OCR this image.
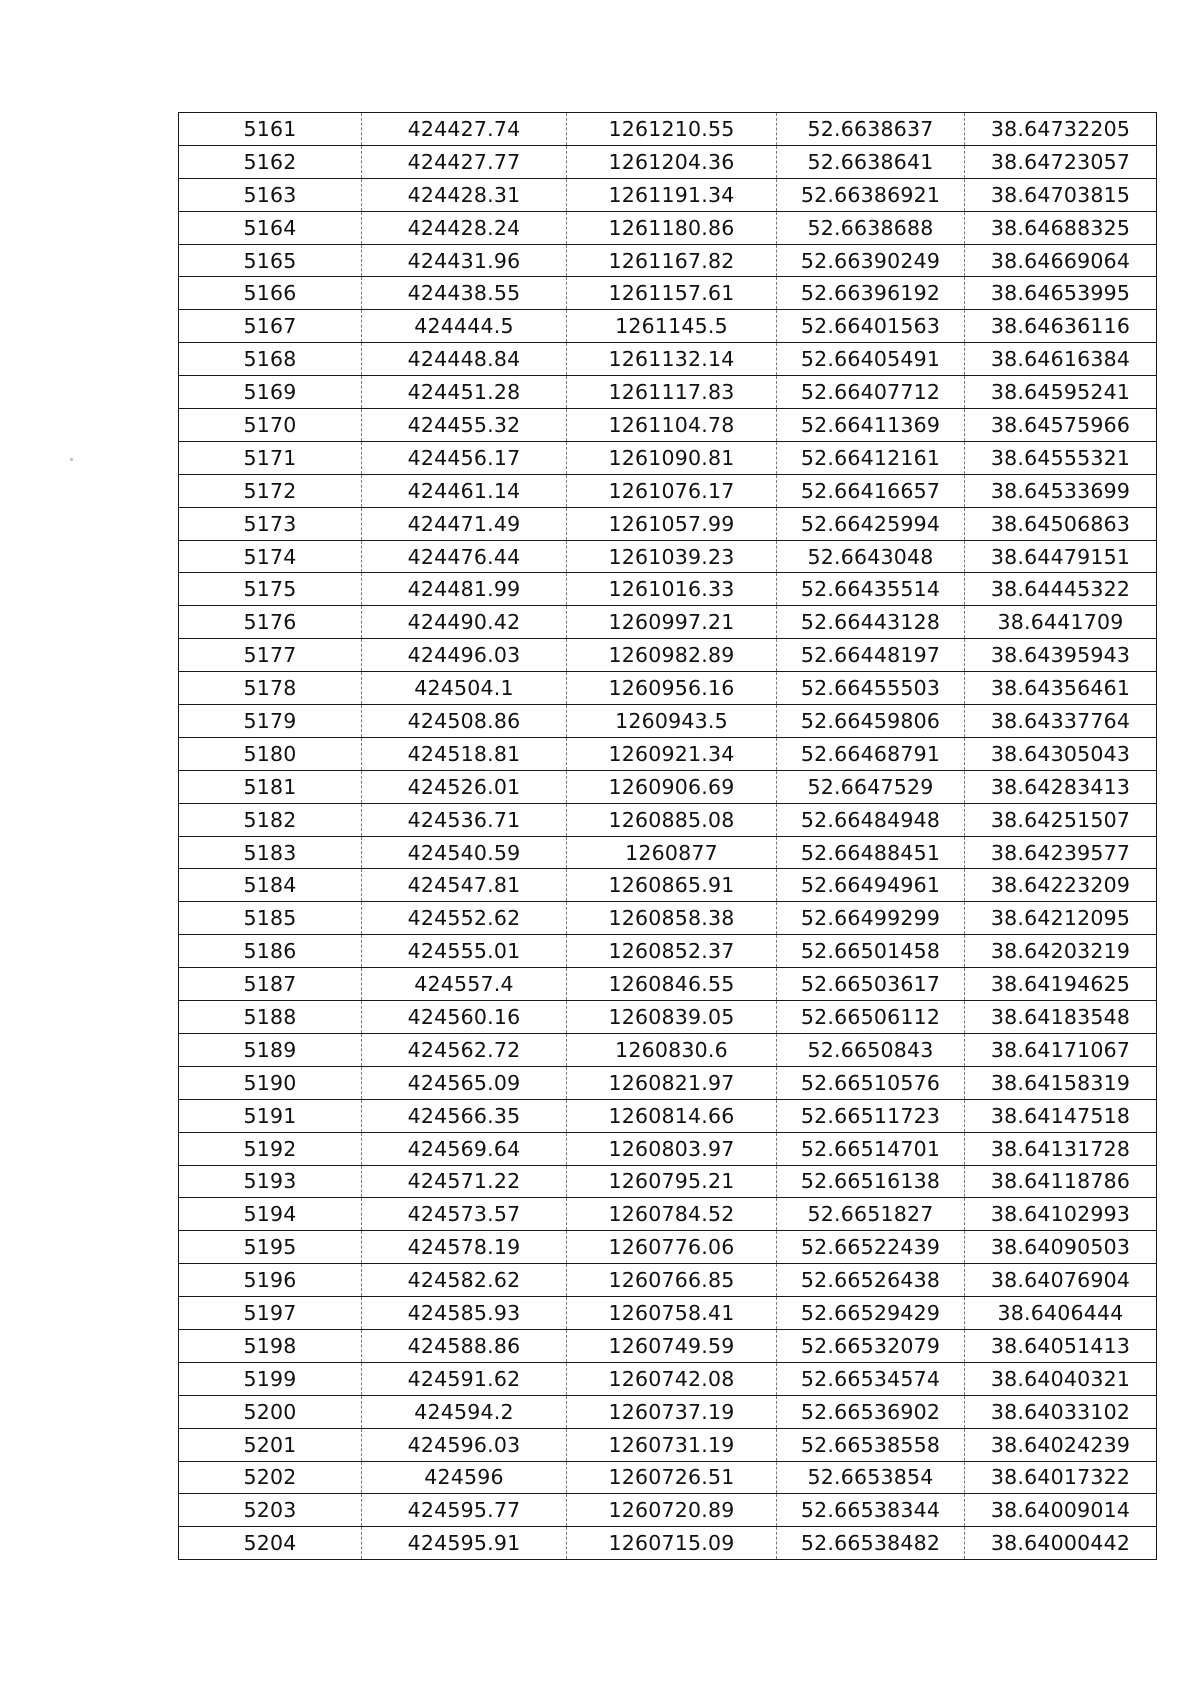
5161	424427.74	1261210.55	52.6638637	38.64732205
5162	424427.77	1261204.36	52.6638641	38.64723057
5163	424428.31	1261191.34	52.66386921	38.64703815
5164	424428.24	1261180.86	52.6638688	38.64688325
5165	424431.96	1261167.82	52.66390249	38.64669064
5166	424438.55	1261157.61	52.66396192	38.64653995
5167	424444.5	1261145.5	52.66401563	38.64636116
5168	424448.84	1261132.14	52.66405491	38.64616384
5169	424451.28	1261117.83	52.66407712	38.64595241
5170	424455.32	1261104.78	52.66411369	38.64575966
5171	424456.17	1261090.81	52.66412161	38.64555321
5172	424461.14	1261076.17	52.66416657	38.64533699
5173	424471.49	1261057.99	52.66425994	38.64506863
5174	424476.44	1261039.23	52.6643048	38.64479151
5175	424481.99	1261016.33	52.66435514	38.64445322
5176	424490.42	1260997.21	52.66443128	38.6441709
5177	424496.03	1260982.89	52.66448197	38.64395943
5178	424504.1	1260956.16	52.66455503	38.64356461
5179	424508.86	1260943.5	52.66459806	38.64337764
5180	424518.81	1260921.34	52.66468791	38.64305043
5181	424526.01	1260906.69	52.6647529	38.64283413
5182	424536.71	1260885.08	52.66484948	38.64251507
5183	424540.59	1260877	52.66488451	38.64239577
5184	424547.81	1260865.91	52.66494961	38.64223209
5185	424552.62	1260858.38	52.66499299	38.64212095
5186	424555.01	1260852.37	52.66501458	38.64203219
5187	424557.4	1260846.55	52.66503617	38.64194625
5188	424560.16	1260839.05	52.66506112	38.64183548
5189	424562.72	1260830.6	52.6650843	38.64171067
5190	424565.09	1260821.97	52.66510576	38.64158319
5191	424566.35	1260814.66	52.66511723	38.64147518
5192	424569.64	1260803.97	52.66514701	38.64131728
5193	424571.22	1260795.21	52.66516138	38.64118786
5194	424573.57	1260784.52	52.6651827	38.64102993
5195	424578.19	1260776.06	52.66522439	38.64090503
5196	424582.62	1260766.85	52.66526438	38.64076904
5197	424585.93	1260758.41	52.66529429	38.6406444
5198	424588.86	1260749.59	52.66532079	38.64051413
5199	424591.62	1260742.08	52.66534574	38.64040321
5200	424594.2	1260737.19	52.66536902	38.64033102
5201	424596.03	1260731.19	52.66538558	38.64024239
5202	424596	1260726.51	52.6653854	38.64017322
5203	424595.77	1260720.89	52.66538344	38.64009014
5204	424595.91	1260715.09	52.66538482	38.64000442
